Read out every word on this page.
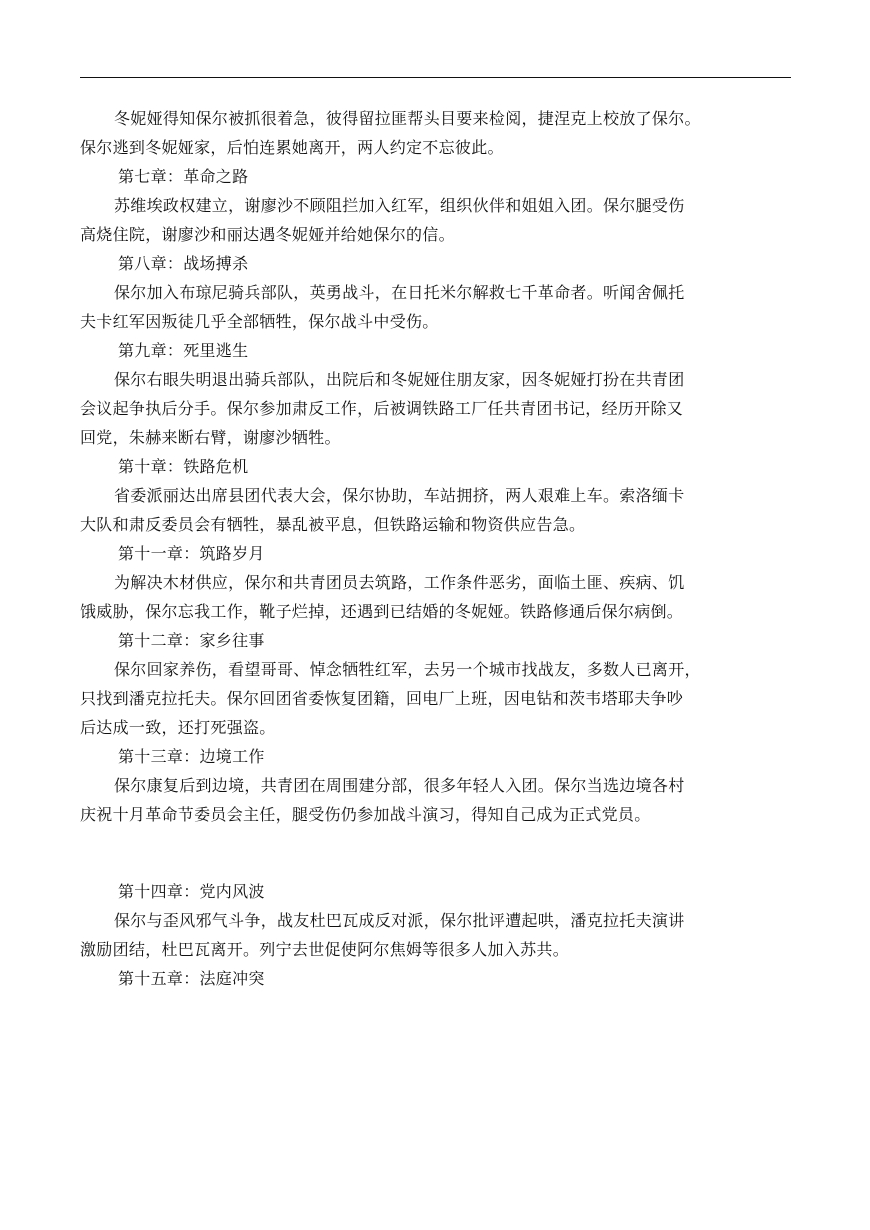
冬妮娅得知保尔被抓很着急，彼得留拉匪帮头目要来检阅，捷涅克上校放了保尔。
保尔逃到冬妮娅家，后怕连累她离开，两人约定不忘彼此。
第七章：革命之路
苏维埃政权建立，谢廖沙不顾阻拦加入红军，组织伙伴和姐姐入团。保尔腿受伤
高烧住院，谢廖沙和丽达遇冬妮娅并给她保尔的信。
第八章：战场搏杀
保尔加入布琼尼骑兵部队，英勇战斗，在日托米尔解救七千革命者。听闻舍佩托
夫卡红军因叛徒几乎全部牺牲，保尔战斗中受伤。
第九章：死里逃生
保尔右眼失明退出骑兵部队，出院后和冬妮娅住朋友家，因冬妮娅打扮在共青团
会议起争执后分手。保尔参加肃反工作，后被调铁路工厂任共青团书记，经历开除又
回党，朱赫来断右臂，谢廖沙牺牲。
第十章：铁路危机
省委派丽达出席县团代表大会，保尔协助，车站拥挤，两人艰难上车。索洛缅卡
大队和肃反委员会有牺牲，暴乱被平息，但铁路运输和物资供应告急。
第十一章：筑路岁月
为解决木材供应，保尔和共青团员去筑路，工作条件恶劣，面临土匪、疾病、饥
饿威胁，保尔忘我工作，靴子烂掉，还遇到已结婚的冬妮娅。铁路修通后保尔病倒。
第十二章：家乡往事
保尔回家养伤，看望哥哥、悼念牺牲红军，去另一个城市找战友，多数人已离开，
只找到潘克拉托夫。保尔回团省委恢复团籍，回电厂上班，因电钻和茨韦塔耶夫争吵
后达成一致，还打死强盗。
第十三章：边境工作
保尔康复后到边境，共青团在周围建分部，很多年轻人入团。保尔当选边境各村
庆祝十月革命节委员会主任，腿受伤仍参加战斗演习，得知自己成为正式党员。
第十四章：党内风波
保尔与歪风邪气斗争，战友杜巴瓦成反对派，保尔批评遭起哄，潘克拉托夫演讲
激励团结，杜巴瓦离开。列宁去世促使阿尔焦姆等很多人加入苏共。
第十五章：法庭冲突
